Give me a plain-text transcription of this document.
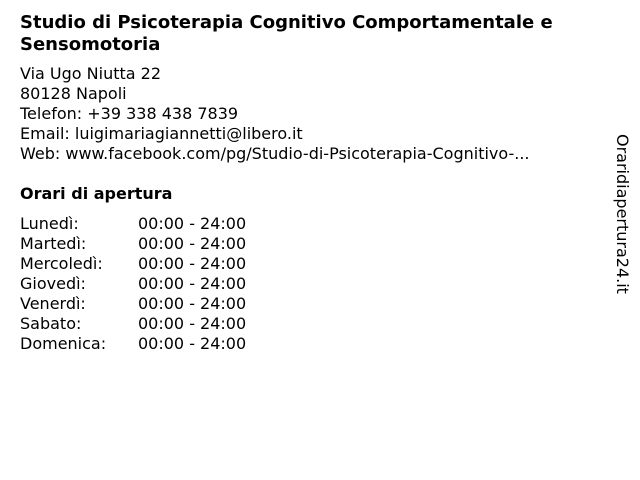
Studio di Psicoterapia Cognitivo Comportamentale e
Sensomotoria
Via Ugo Niutta 22
80128 Napoli
Telefon: +39 338 438 7839
Email: luigimariagiannetti@libero.it
Web: www.facebook.com/pg/Studio-di-Psicoterapia-Cognitivo-...
Orari di apertura
Lunedì:	00:00 - 24:00
Martedì:	00:00 - 24:00
Mercoledì: 00:00 - 24:00
Giovedì:	00:00 - 24:00
Venerdì:	00:00 - 24:00
Sabato:	00:00 - 24:00
Domenica: 00:00 - 24:00
Oraridiapertura24.it
